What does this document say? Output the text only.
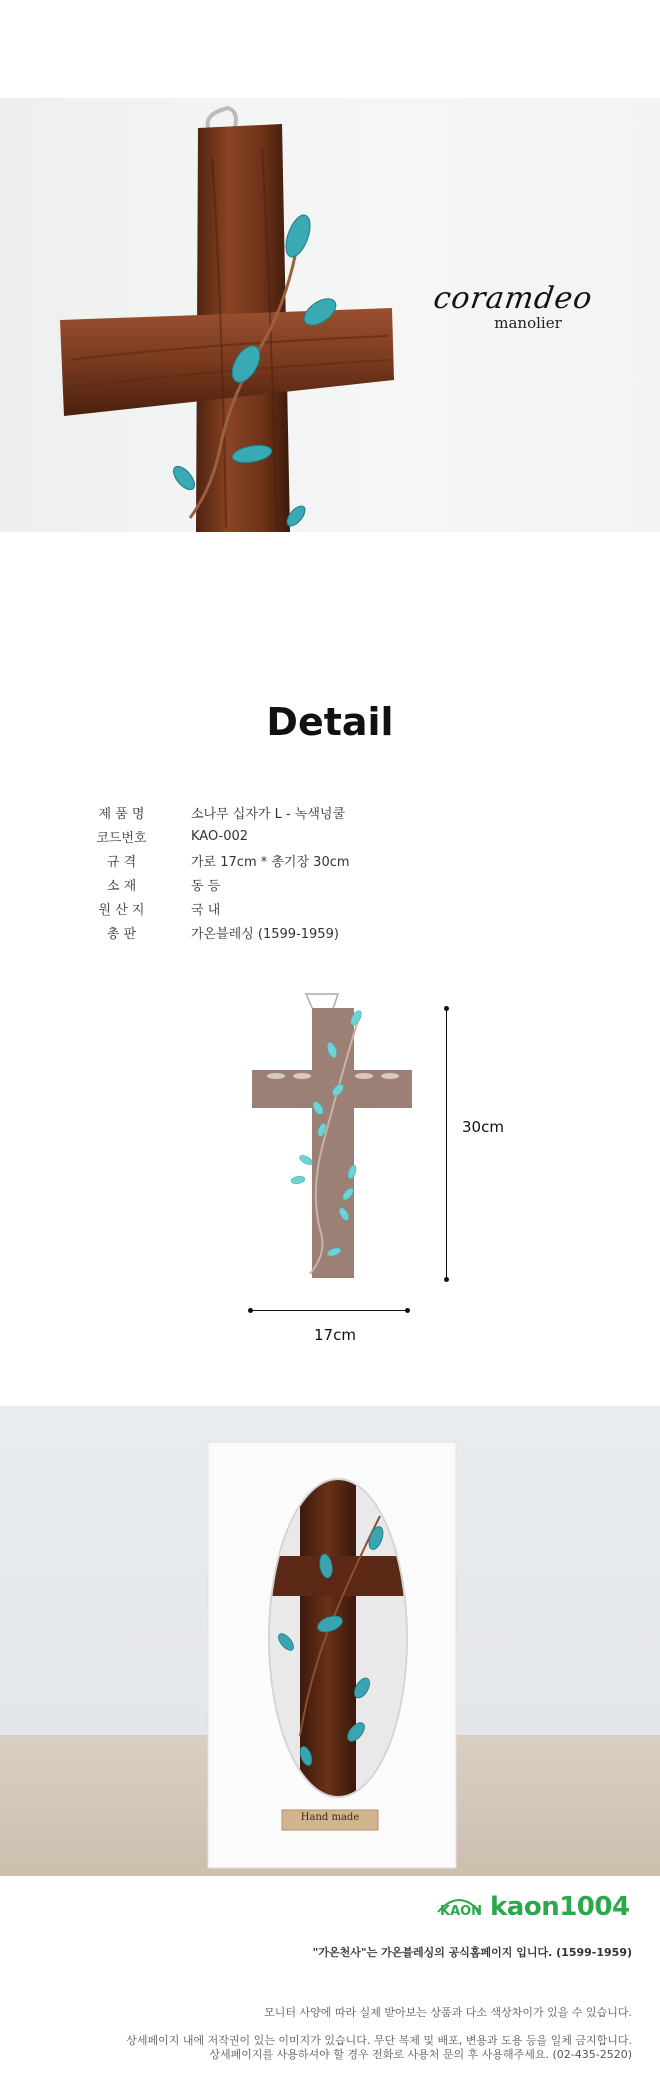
coramdeo
manolier
Detail
제 품 명	소나무 십자가 L - 녹색넝쿨
코드번호	KAO-002
규 격	가로 17cm * 총기장 30cm
소 재	동 등
원 산 지	국 내
총 판	가온블레싱 (1599-1959)
30cm
17cm
Hand made
KAON kaon1004
"가온천사"는 가온블레싱의 공식홈페이지 입니다. (1599-1959)
모니터 사양에 따라 실제 받아보는 상품과 다소 색상차이가 있을 수 있습니다.
상세페이지 내에 저작권이 있는 이미지가 있습니다. 무단 복제 및 배포, 변용과 도용 등을 일체 금지합니다.
상세페이지를 사용하셔야 할 경우 전화로 사용처 문의 후 사용해주세요. (02-435-2520)
